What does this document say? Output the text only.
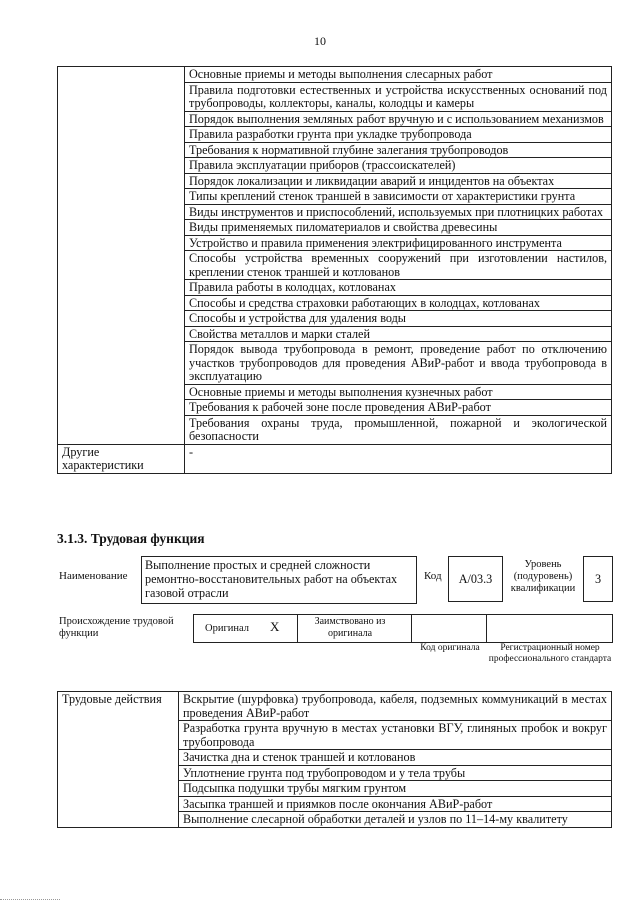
10
	Основные приемы и методы выполнения слесарных работ
	Правила подготовки естественных и устройства искусственных оснований под трубопроводы, коллекторы, каналы, колодцы и камеры
	Порядок выполнения земляных работ вручную и с использованием механизмов
	Правила разработки грунта при укладке трубопровода
	Требования к нормативной глубине залегания трубопроводов
	Правила эксплуатации приборов (трассоискателей)
	Порядок локализации и ликвидации аварий и инцидентов на объектах
	Типы креплений стенок траншей в зависимости от характеристики грунта
	Виды инструментов и приспособлений, используемых при плотницких работах
	Виды применяемых пиломатериалов и свойства древесины
	Устройство и правила применения электрифицированного инструмента
	Способы устройства временных сооружений при изготовлении настилов, креплении стенок траншей и котлованов
	Правила работы в колодцах, котлованах
	Способы и средства страховки работающих в колодцах, котлованах
	Способы и устройства для удаления воды
	Свойства металлов и марки сталей
	Порядок вывода трубопровода в ремонт, проведение работ по отключению участков трубопроводов для проведения АВиР-работ и ввода трубопровода в эксплуатацию
	Основные приемы и методы выполнения кузнечных работ
	Требования к рабочей зоне после проведения АВиР-работ
	Требования охраны труда, промышленной, пожарной и экологической безопасности
Другие характеристики	-
3.1.3. Трудовая функция
Наименование
Выполнение простых и средней сложности ремонтно-восстановительных работ на объектах газовой отрасли
Код	А/03.3
Уровень (подуровень) квалификации
3
Происхождение трудовой функции	Оригинал Х	Заимствовано из оригинала
Код оригинала	Регистрационный номер профессионального стандарта
Трудовые действия	Вскрытие (шурфовка) трубопровода, кабеля, подземных коммуникаций в местах проведения АВиР-работ
Разработка грунта вручную в местах установки ВГУ, глиняных пробок и вокруг трубопровода
Зачистка дна и стенок траншей и котлованов
Уплотнение грунта под трубопроводом и у тела трубы
Подсыпка подушки трубы мягким грунтом
Засыпка траншей и приямков после окончания АВиР-работ
Выполнение слесарной обработки деталей и узлов по 11–14-му квалитету
